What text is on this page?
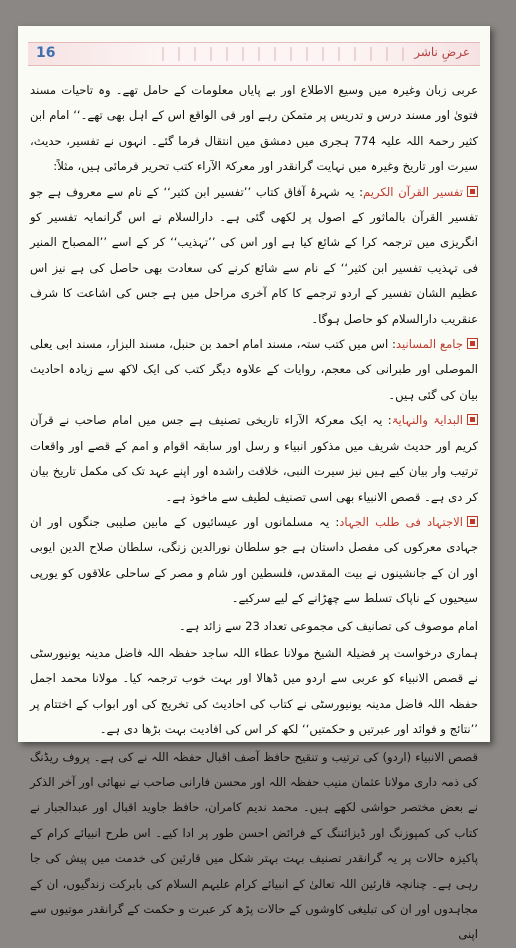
16	عرضِ ناشر

عربی زبان وغیرہ میں وسیع الاطلاع اور بے پایاں معلومات کے حامل تھے۔ وہ تاحیات مسند فتویٰ اور مسند درس و تدریس پر متمکن رہے اور فی الواقع اس کے اہل بھی تھے۔‘‘ امام ابن کثیر رحمۃ اللہ علیہ 774 ہجری میں دمشق میں انتقال فرما گئے۔ انہوں نے تفسیر، حدیث، سیرت اور تاریخ وغیرہ میں نہایت گرانقدر اور معرکۃ الآراء کتب تحریر فرمائی ہیں، مثلاً:

تفسیر القرآن الکریم: یہ شہرۂ آفاق کتاب ’’تفسیر ابن کثیر‘‘ کے نام سے معروف ہے جو تفسیر القرآن بالماثور کے اصول پر لکھی گئی ہے۔ دارالسلام نے اس گرانمایہ تفسیر کو انگریزی میں ترجمہ کرا کے شائع کیا ہے اور اس کی ’’تہذیب‘‘ کر کے اسے ’’المصباح المنیر فی تہذیب تفسیر ابن کثیر‘‘ کے نام سے شائع کرنے کی سعادت بھی حاصل کی ہے نیز اس عظیم الشان تفسیر کے اردو ترجمے کا کام آخری مراحل میں ہے جس کی اشاعت کا شرف عنقریب دارالسلام کو حاصل ہوگا۔

جامع المسانید: اس میں کتب ستہ، مسند امام احمد بن حنبل، مسند البزار، مسند ابی یعلی الموصلی اور طبرانی کی معجم، روایات کے علاوہ دیگر کتب کی ایک لاکھ سے زیادہ احادیث بیان کی گئی ہیں۔

البدایۃ والنہایۃ: یہ ایک معرکۃ الآراء تاریخی تصنیف ہے جس میں امام صاحب نے قرآن کریم اور حدیث شریف میں مذکور انبیاء و رسل اور سابقہ اقوام و امم کے قصے اور واقعات ترتیب وار بیان کیے ہیں نیز سیرت النبی، خلافت راشدہ اور اپنے عہد تک کی مکمل تاریخ بیان کر دی ہے۔ قصص الانبیاء بھی اسی تصنیف لطیف سے ماخوذ ہے۔

الاجتہاد فی طلب الجہاد: یہ مسلمانوں اور عیسائیوں کے مابین صلیبی جنگوں اور ان جہادی معرکوں کی مفصل داستان ہے جو سلطان نورالدین زنگی، سلطان صلاح الدین ایوبی اور ان کے جانشینوں نے بیت المقدس، فلسطین اور شام و مصر کے ساحلی علاقوں کو یورپی سیحیوں کے ناپاک تسلط سے چھڑانے کے لیے سرکیے۔

امام موصوف کی تصانیف کی مجموعی تعداد 23 سے زائد ہے۔

ہماری درخواست پر فضیلۃ الشیخ مولانا عطاء اللہ ساجد حفظہ اللہ فاضل مدینہ یونیورسٹی نے قصص الانبیاء کو عربی سے اردو میں ڈھالا اور بہت خوب ترجمہ کیا۔ مولانا محمد اجمل حفظہ اللہ فاضل مدینہ یونیورسٹی نے کتاب کی احادیث کی تخریج کی اور ابواب کے اختتام پر ’’نتائج و فوائد اور عبرتیں و حکمتیں‘‘ لکھ کر اس کی افادیت بہت بڑھا دی ہے۔

قصص الانبیاء (اردو) کی ترتیب و تنقیح حافظ آصف اقبال حفظہ اللہ نے کی ہے۔ پروف ریڈنگ کی ذمہ داری مولانا عثمان منیب حفظہ اللہ اور محسن فارانی صاحب نے نبھائی اور آخر الذکر نے بعض مختصر حواشی لکھے ہیں۔ محمد ندیم کامران، حافظ جاوید اقبال اور عبدالجبار نے کتاب کی کمپوزنگ اور ڈیزائننگ کے فرائض احسن طور پر ادا کیے۔ اس طرح انبیائے کرام کے پاکیزہ حالات پر یہ گرانقدر تصنیف بہت بہتر شکل میں قارئین کی خدمت میں پیش کی جا رہی ہے۔ چنانچہ قارئین اللہ تعالیٰ کے انبیائے کرام علیہم السلام کی بابرکت زندگیوں، ان کے مجاہدوں اور ان کی تبلیغی کاوشوں کے حالات پڑھ کر عبرت و حکمت کے گرانقدر موتیوں سے اپنی
